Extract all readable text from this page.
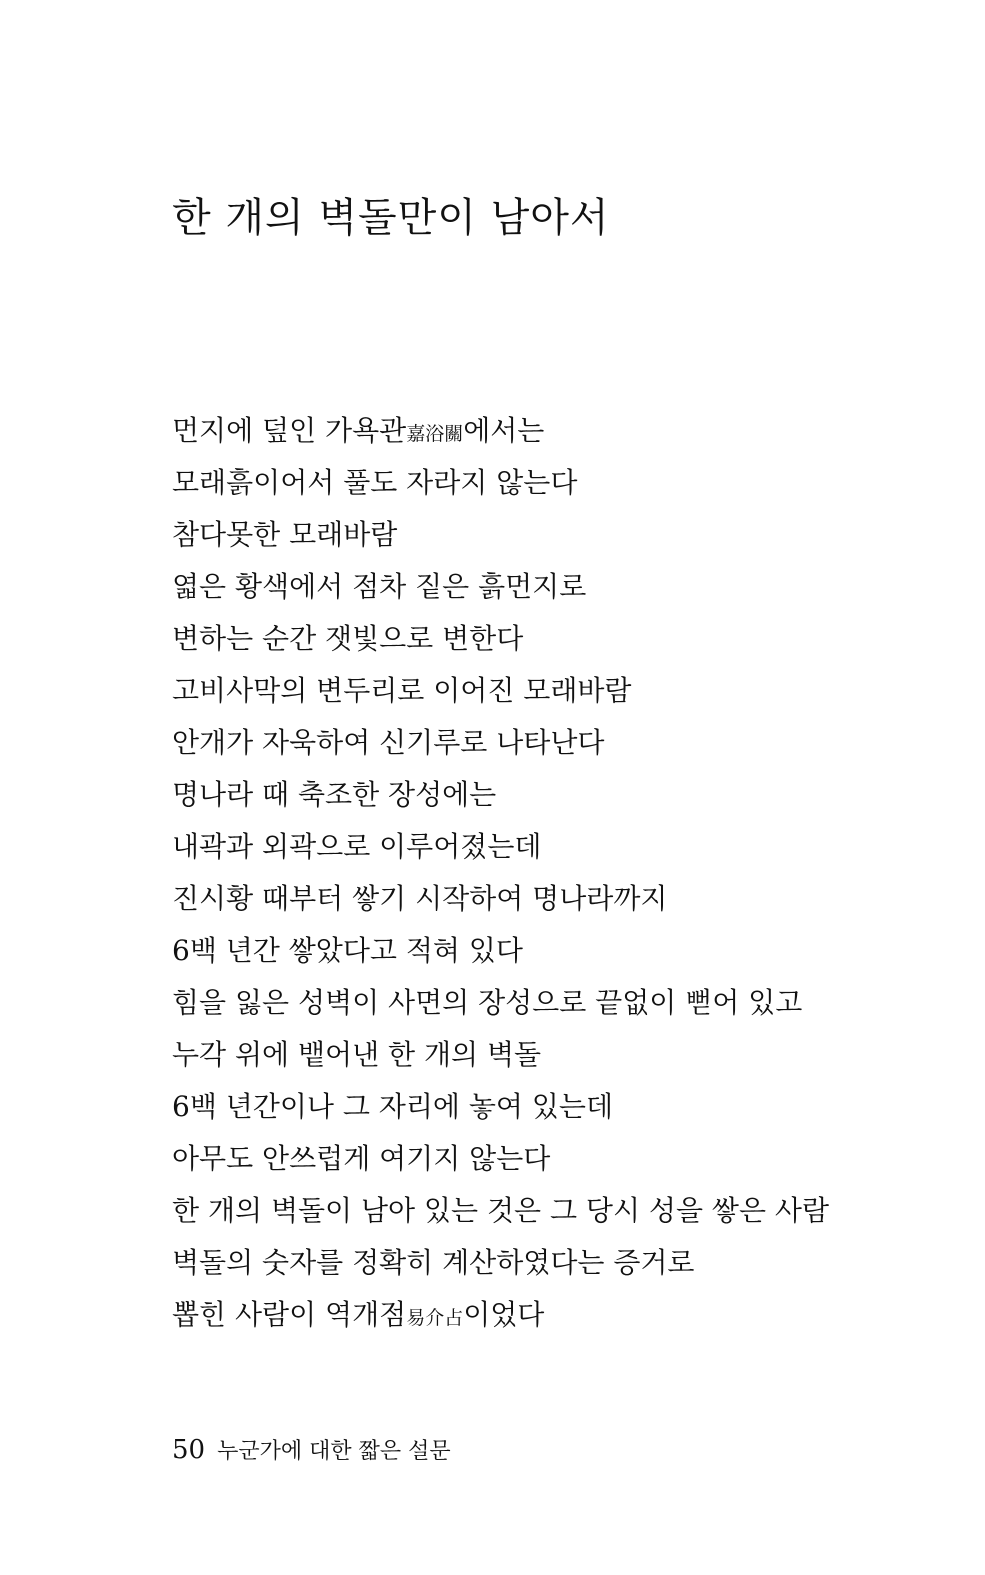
한 개의 벽돌만이 남아서
먼지에 덮인 가욕관嘉浴關에서는
모래흙이어서 풀도 자라지 않는다
참다못한 모래바람
엷은 황색에서 점차 짙은 흙먼지로
변하는 순간 잿빛으로 변한다
고비사막의 변두리로 이어진 모래바람
안개가 자욱하여 신기루로 나타난다
명나라 때 축조한 장성에는
내곽과 외곽으로 이루어졌는데
진시황 때부터 쌓기 시작하여 명나라까지
6백 년간 쌓았다고 적혀 있다
힘을 잃은 성벽이 사면의 장성으로 끝없이 뻗어 있고
누각 위에 뱉어낸 한 개의 벽돌
6백 년간이나 그 자리에 놓여 있는데
아무도 안쓰럽게 여기지 않는다
한 개의 벽돌이 남아 있는 것은 그 당시 성을 쌓은 사람
벽돌의 숫자를 정확히 계산하였다는 증거로
뽑힌 사람이 역개점易介占이었다
50 누군가에 대한 짧은 설문
